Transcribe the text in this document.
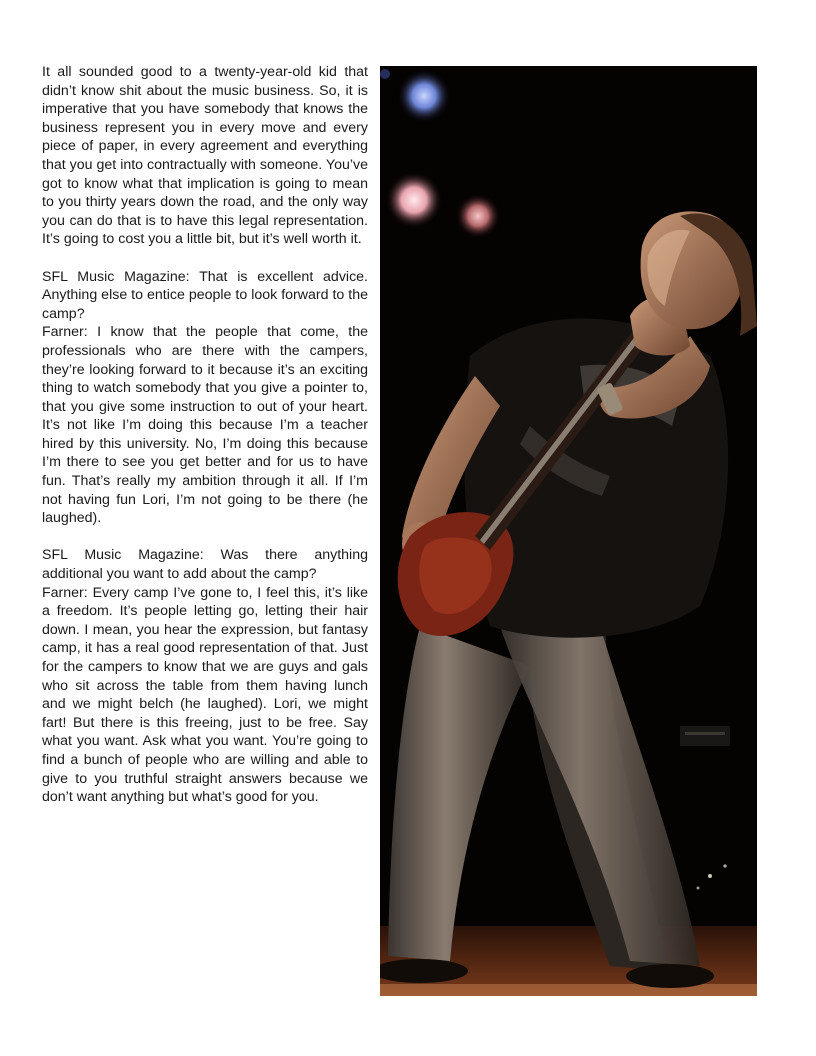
It all sounded good to a twenty-year-old kid that didn’t know shit about the music business. So, it is imperative that you have somebody that knows the business represent you in every move and every piece of paper, in every agreement and everything that you get into contractually with someone. You’ve got to know what that implication is going to mean to you thirty years down the road, and the only way you can do that is to have this legal representation. It’s going to cost you a little bit, but it’s well worth it.

SFL Music Magazine: That is excellent advice. Anything else to entice people to look forward to the camp?

Farner: I know that the people that come, the professionals who are there with the campers, they’re looking forward to it because it’s an exciting thing to watch somebody that you give a pointer to, that you give some instruction to out of your heart. It’s not like I’m doing this because I’m a teacher hired by this university. No, I’m doing this because I’m there to see you get better and for us to have fun. That’s really my ambition through it all. If I’m not having fun Lori, I’m not going to be there (he laughed).

SFL Music Magazine: Was there anything additional you want to add about the camp?

Farner: Every camp I’ve gone to, I feel this, it’s like a freedom. It’s people letting go, letting their hair down. I mean, you hear the expression, but fantasy camp, it has a real good representation of that. Just for the campers to know that we are guys and gals who sit across the table from them having lunch and we might belch (he laughed). Lori, we might fart! But there is this freeing, just to be free. Say what you want. Ask what you want. You’re going to find a bunch of people who are willing and able to give to you truthful straight answers because we don’t want anything but what’s good for you.
